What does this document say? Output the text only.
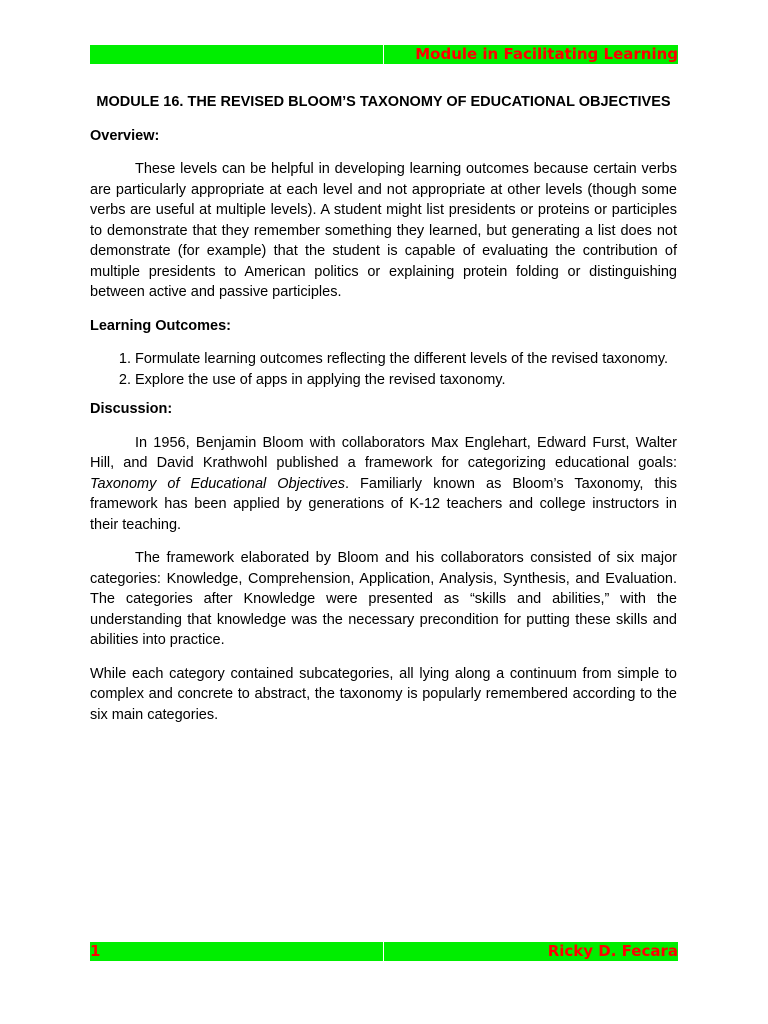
Module in Facilitating Learning
MODULE 16. THE REVISED BLOOM’S TAXONOMY OF EDUCATIONAL OBJECTIVES
Overview:

These levels can be helpful in developing learning outcomes because certain verbs are particularly appropriate at each level and not appropriate at other levels (though some verbs are useful at multiple levels). A student might list presidents or proteins or participles to demonstrate that they remember something they learned, but generating a list does not demonstrate (for example) that the student is capable of evaluating the contribution of multiple presidents to American politics or explaining protein folding or distinguishing between active and passive participles.

Learning Outcomes:
1. Formulate learning outcomes reflecting the different levels of the revised taxonomy.
2. Explore the use of apps in applying the revised taxonomy.
Discussion:

In 1956, Benjamin Bloom with collaborators Max Englehart, Edward Furst, Walter Hill, and David Krathwohl published a framework for categorizing educational goals: Taxonomy of Educational Objectives. Familiarly known as Bloom’s Taxonomy, this framework has been applied by generations of K-12 teachers and college instructors in their teaching.

The framework elaborated by Bloom and his collaborators consisted of six major categories: Knowledge, Comprehension, Application, Analysis, Synthesis, and Evaluation. The categories after Knowledge were presented as “skills and abilities,” with the understanding that knowledge was the necessary precondition for putting these skills and abilities into practice.

While each category contained subcategories, all lying along a continuum from simple to complex and concrete to abstract, the taxonomy is popularly remembered according to the six main categories.

1	Ricky D. Fecara
